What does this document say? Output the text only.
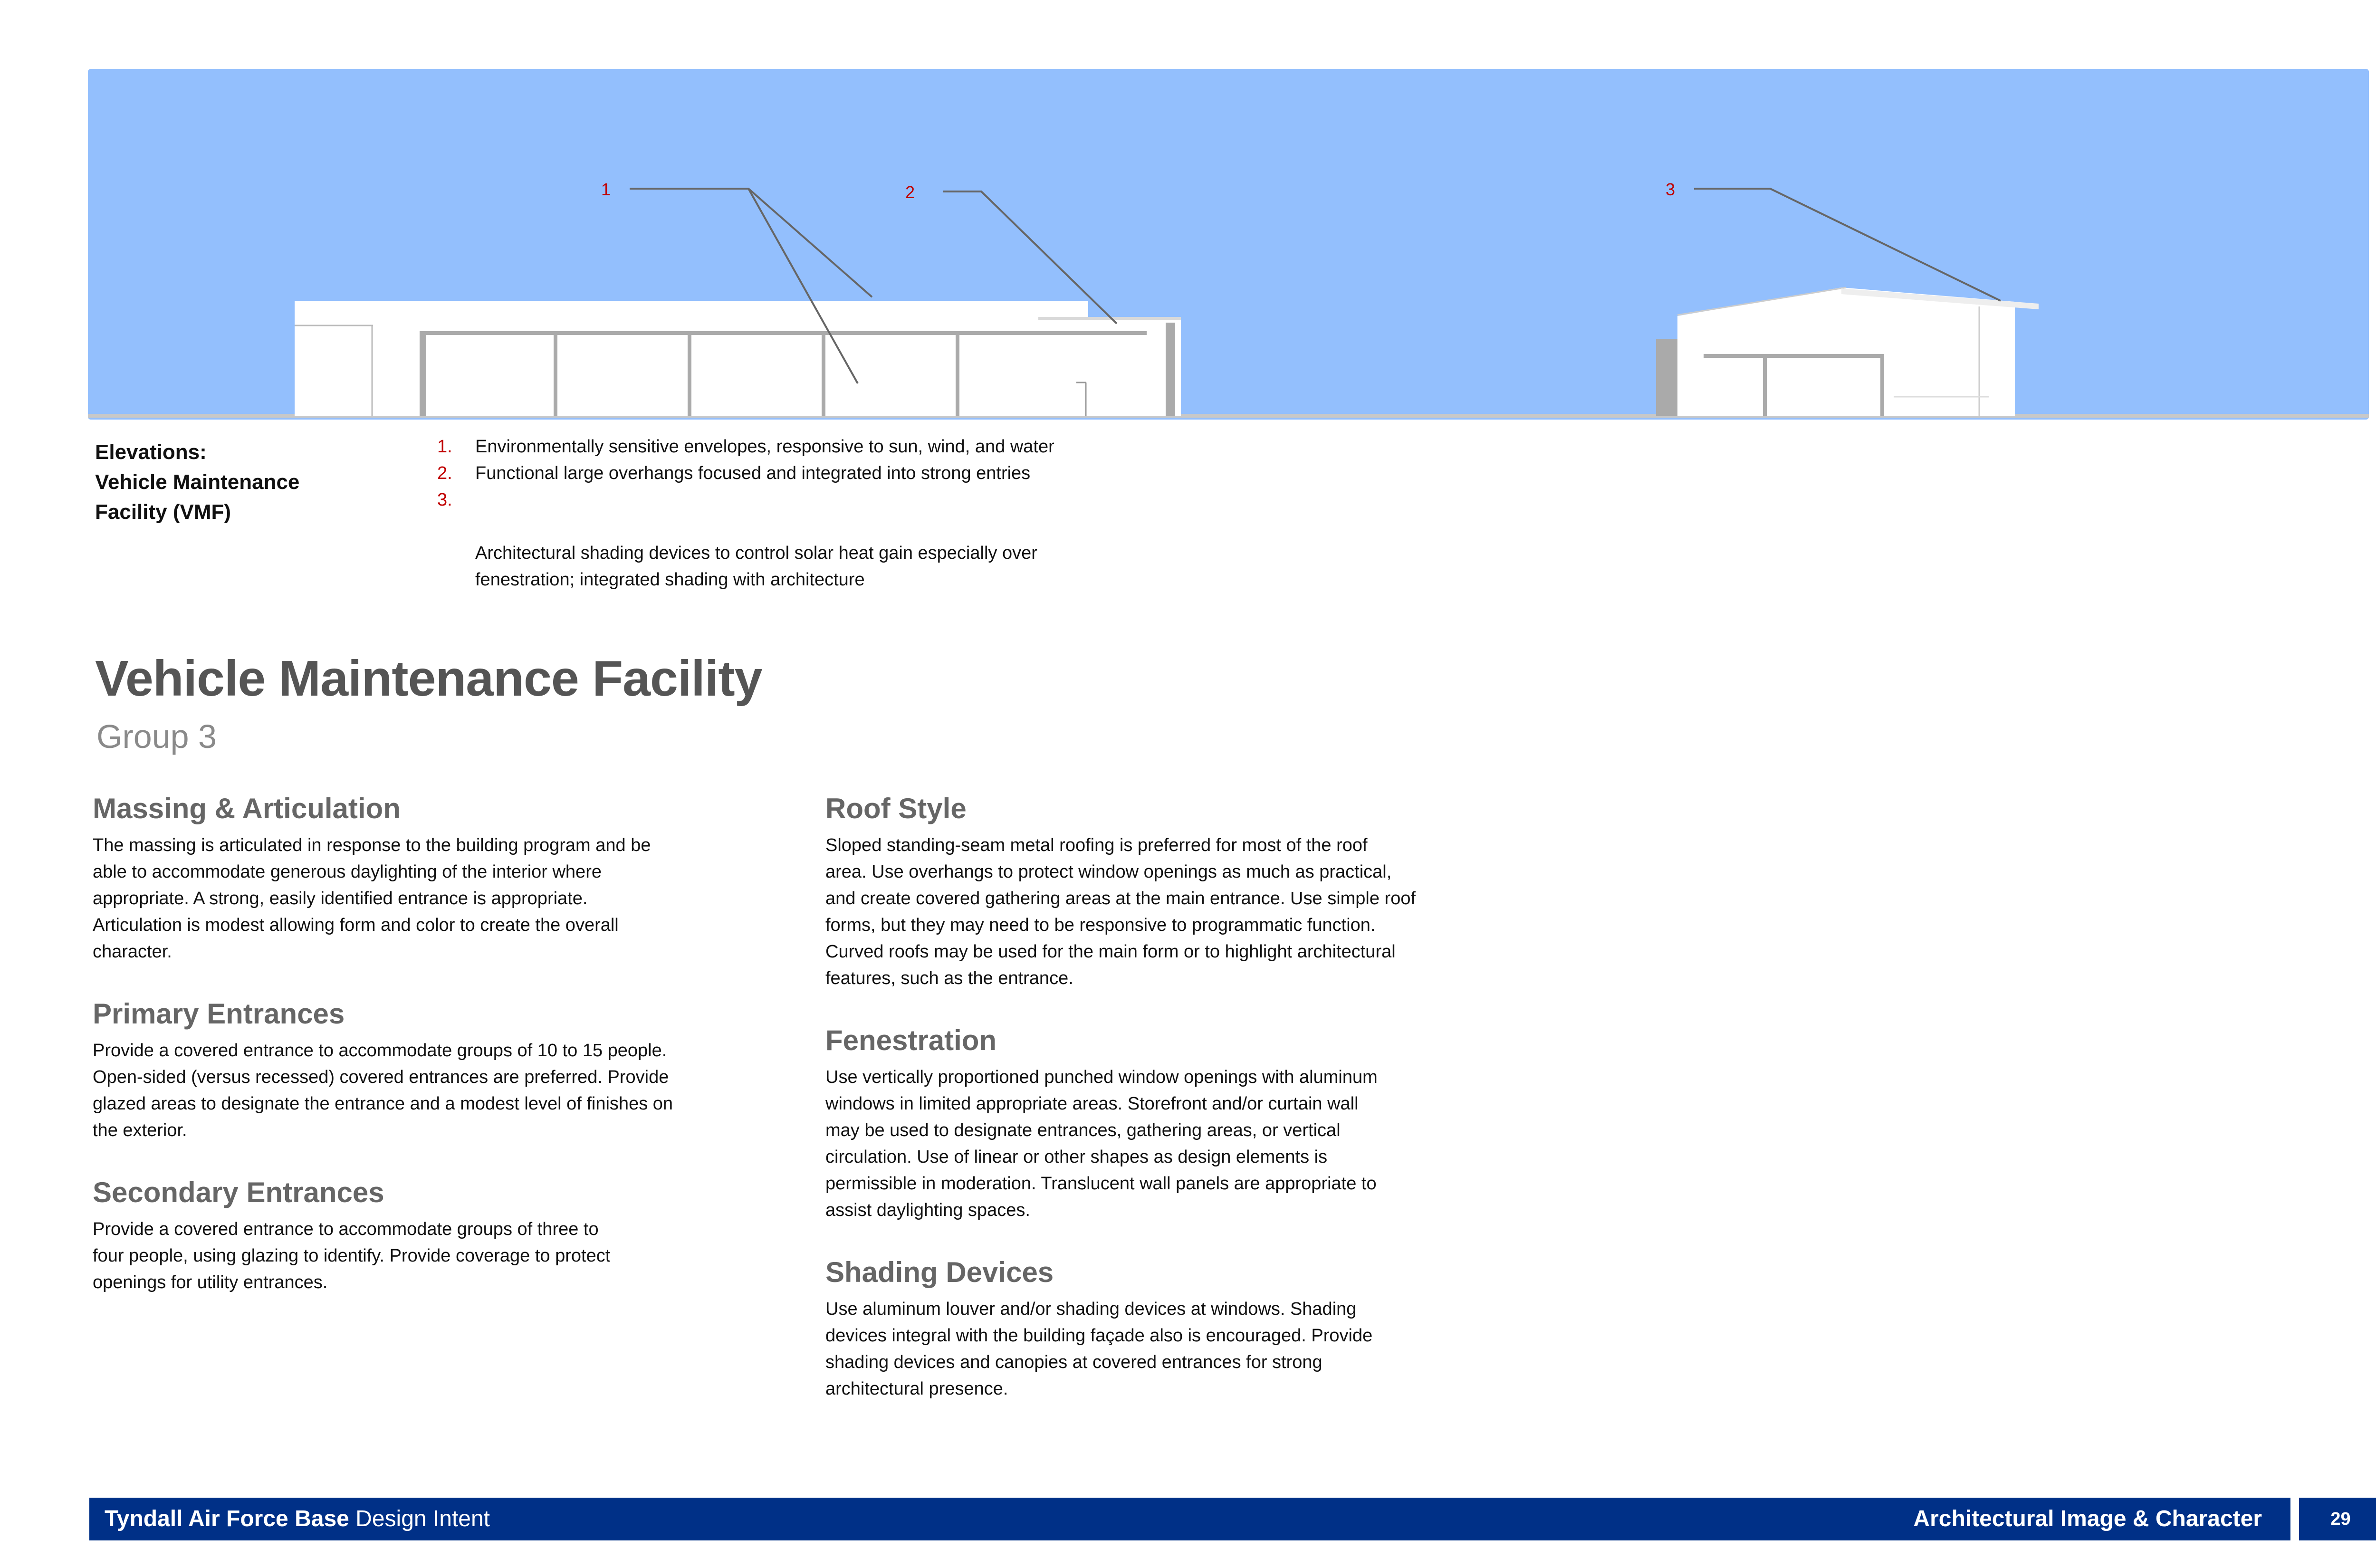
1	2	3
Elevations:
Vehicle Maintenance
Facility (VMF)
1. Environmentally sensitive envelopes, responsive to sun, wind, and water
2. Functional large overhangs focused and integrated into strong entries

3.

Architectural shading devices to control solar heat gain especially over
fenestration; integrated shading with architecture

Vehicle Maintenance Facility
Group 3
Massing & Articulation

The massing is articulated in response to the building program and be
able to accommodate generous daylighting of the interior where
appropriate. A strong, easily identified entrance is appropriate.
Articulation is modest allowing form and color to create the overall
character.

Primary Entrances

Provide a covered entrance to accommodate groups of 10 to 15 people.
Open-sided (versus recessed) covered entrances are preferred. Provide
glazed areas to designate the entrance and a modest level of finishes on
the exterior.

Secondary Entrances

Provide a covered entrance to accommodate groups of three to
four people, using glazing to identify. Provide coverage to protect
openings for utility entrances.

Roof Style

Sloped standing-seam metal roofing is preferred for most of the roof
area. Use overhangs to protect window openings as much as practical,
and create covered gathering areas at the main entrance. Use simple roof
forms, but they may need to be responsive to programmatic function.
Curved roofs may be used for the main form or to highlight architectural
features, such as the entrance.

Fenestration

Use vertically proportioned punched window openings with aluminum
windows in limited appropriate areas. Storefront and/or curtain wall
may be used to designate entrances, gathering areas, or vertical
circulation. Use of linear or other shapes as design elements is
permissible in moderation. Translucent wall panels are appropriate to
assist daylighting spaces.

Shading Devices

Use aluminum louver and/or shading devices at windows. Shading
devices integral with the building façade also is encouraged. Provide
shading devices and canopies at covered entrances for strong
architectural presence.

Tyndall Air Force Base Design Intent	Architectural Image & Character	29
